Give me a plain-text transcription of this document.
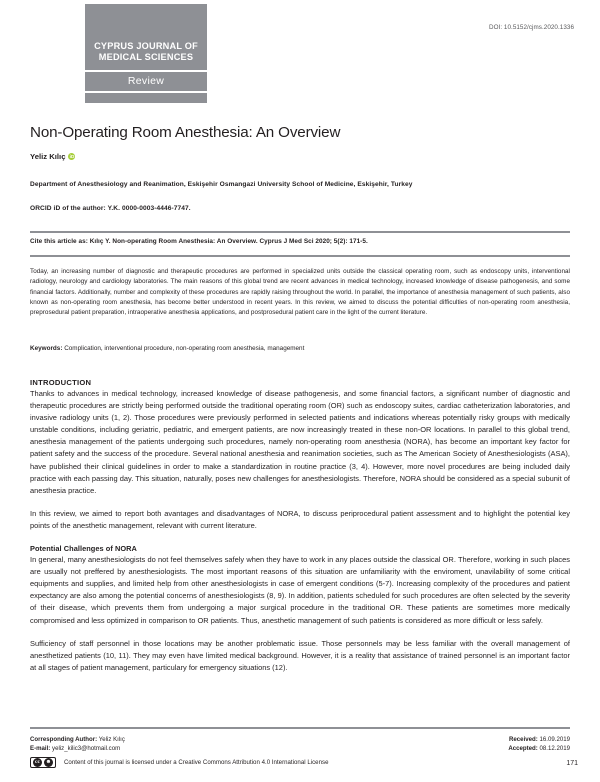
CYPRUS JOURNAL OF
MEDICAL SCIENCES
Review
DOI: 10.5152/cjms.2020.1336
Non-Operating Room Anesthesia: An Overview
Yeliz Kılıç
iD
Department of Anesthesiology and Reanimation, Eskişehir Osmangazi University School of Medicine, Eskişehir, Turkey
ORCID iD of the author: Y.K. 0000-0003-4446-7747.
Cite this article as: Kılıç Y. Non-operating Room Anesthesia: An Overview. Cyprus J Med Sci 2020; 5(2): 171-5.
Today, an increasing number of diagnostic and therapeutic procedures are performed in specialized units outside the classical operating room, such as endoscopy units, interventional radiology, neurology and cardiology laboratories. The main reasons of this global trend are recent advances in medical technology, increased knowledge of disease pathogenesis, and some financial factors. Additionally, number and complexity of these procedures are rapidly raising throughout the world. In parallel, the importance of anesthesia management of such patients, also known as non-operating room anesthesia, has become better understood in recent years. In this review, we aimed to discuss the potential difficulties of non-operating room anesthesia, preprosedural patient preparation, intraoperative anesthesia applications, and postprosedural patient care in the light of the current literature.
Keywords: Complication, interventional procedure, non-operating room anesthesia, management
INTRODUCTION

Thanks to advances in medical technology, increased knowledge of disease pathogenesis, and some financial factors, a significant number of diagnostic and therapeutic procedures are strictly being performed outside the traditional operating room (OR) such as endoscopy suites, cardiac catheterization laboratories, and invasive radiology units (1, 2). Those procedures were previously performed in selected patients and indications whereas potentially risky groups with medically unstable conditions, including geriatric, pediatric, and emergent patients, are now increasingly treated in these non-OR locations. In parallel to this global trend, anesthesia management of the patients undergoing such procedures, namely non-operating room anesthesia (NORA), has become an important key factor for patient safety and the success of the procedure. Several national anesthesia and reanimation societies, such as The American Society of Anesthesiologists (ASA), have published their clinical guidelines in order to make a standardization in routine practice (3, 4). However, more novel procedures are being included daily practice with each passing day. This situation, naturally, poses new challenges for anesthesiologists. Therefore, NORA should be considered as a special subunit of anesthesia practice.

In this review, we aimed to report both avantages and disadvantages of NORA, to discuss periprocedural patient assessment and to highlight the potential key points of the anesthetic management, relevant with current literature.

Potential Challenges of NORA

In general, many anesthesiologists do not feel themselves safely when they have to work in any places outside the classical OR. Therefore, working in such places are usually not preffered by anesthesiologists. The most important reasons of this situation are unfamiliarity with the enviroment, unavilability of some critical equipments and supplies, and limited help from other anesthesiologists in case of emergent conditions (5-7). Increasing complexity of the procedures and patient expectancy are also among the potential concerns of anesthesiologists (8, 9). In addition, patients scheduled for such procedures are often selected by the severity of their disease, which prevents them from undergoing a major surgical procedure in the traditional OR. These patients are sometimes more medically compromised and less optimized in comparison to OR patients. Thus, anesthetic management of such patients is considered as more difficult or less safely.

Sufficiency of staff personnel in those locations may be another problematic issue. Those personnels may be less familiar with the overall management of anesthetized patients (10, 11). They may even have limited medical background. However, it is a reality that assistance of trained personnel is an important factor at all stages of patient management, particulary for emergency situations (12).

Corresponding Author: Yeliz Kılıç
E-mail: yeliz_kilic3@hotmail.com
Received: 16.09.2019
Accepted: 08.12.2019
cc ☻ Content of this journal is licensed under a Creative Commons Attribution 4.0 International License	171
